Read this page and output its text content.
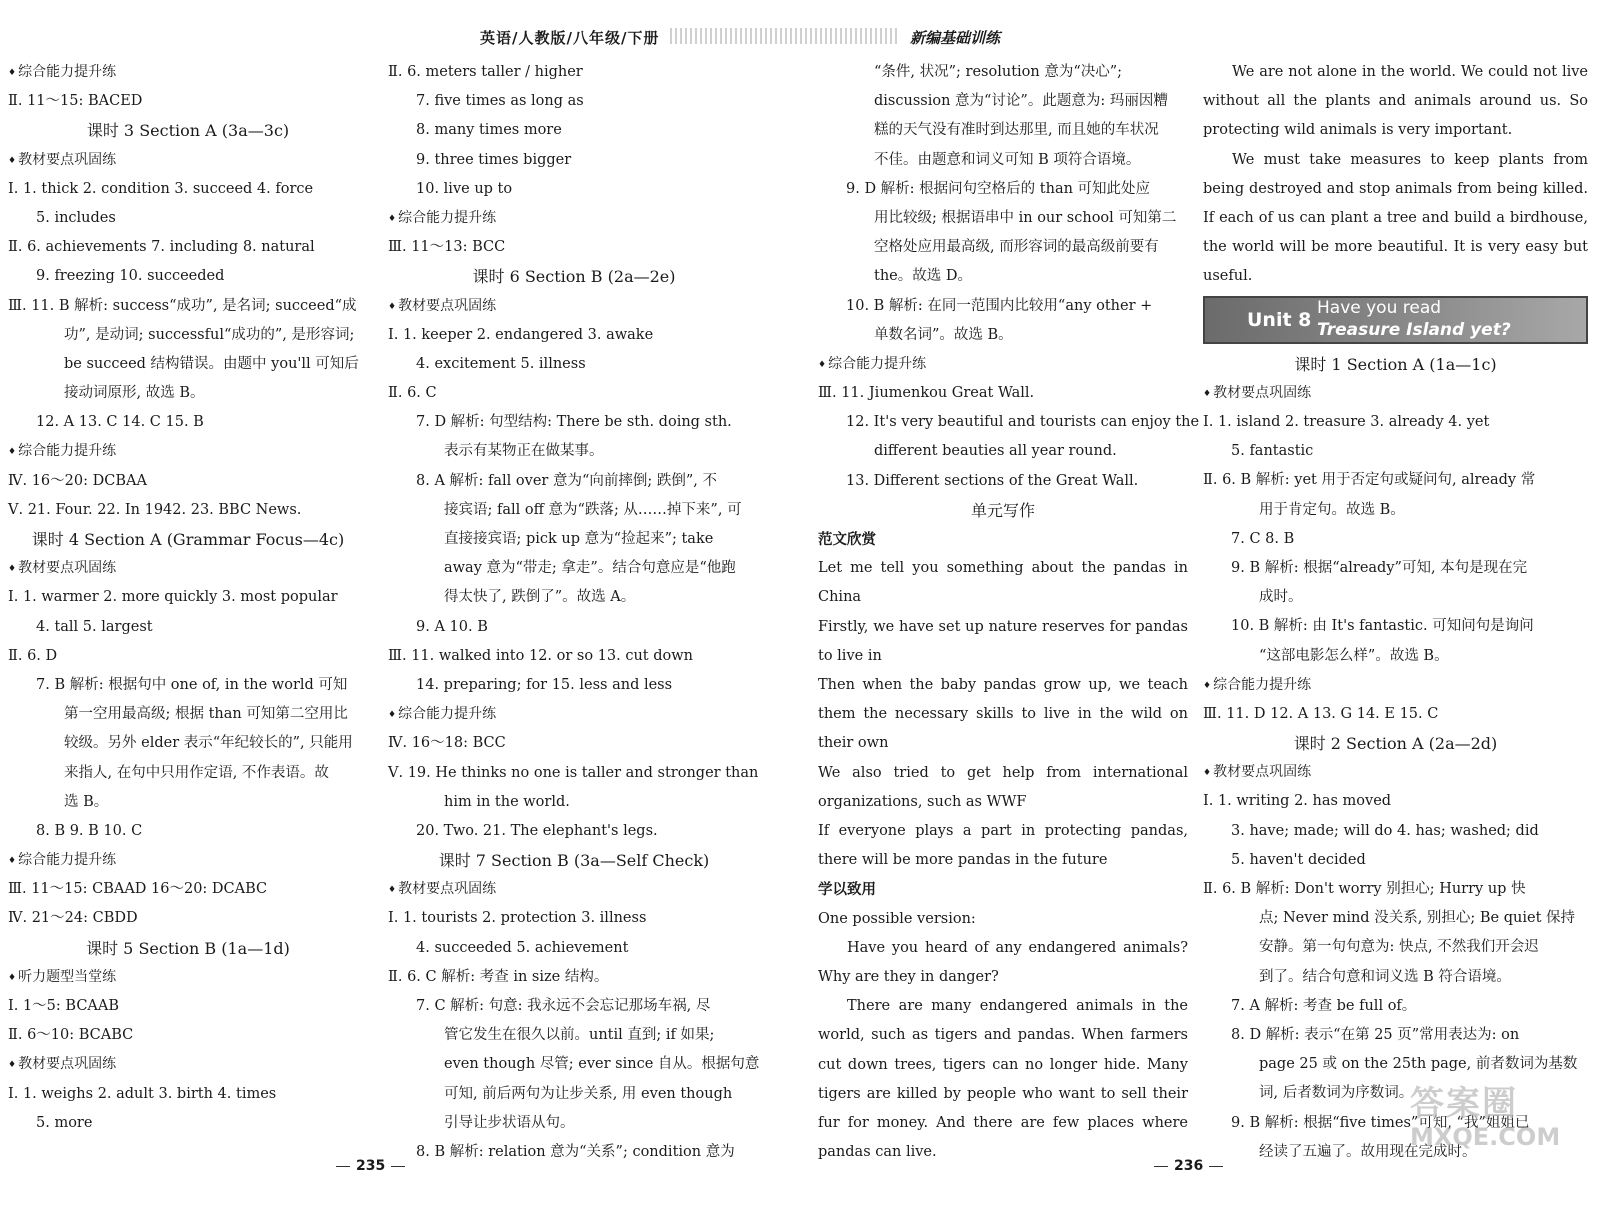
英语/人教版/八年级/下册	新编基础训练
♦ 综合能力提升练
Ⅱ. 11～15: BACED
课时 3 Section A (3a—3c)
♦ 教材要点巩固练
Ⅰ. 1. thick 2. condition 3. succeed 4. force
5. includes
Ⅱ. 6. achievements 7. including 8. natural
9. freezing 10. succeeded
Ⅲ. 11. B 解析: success“成功”, 是名词; succeed“成
功”, 是动词; successful“成功的”, 是形容词;
be succeed 结构错误。由题中 you'll 可知后
接动词原形, 故选 B。
12. A 13. C 14. C 15. B
♦ 综合能力提升练
Ⅳ. 16～20: DCBAA
Ⅴ. 21. Four. 22. In 1942. 23. BBC News.
课时 4 Section A (Grammar Focus—4c)
♦ 教材要点巩固练
Ⅰ. 1. warmer 2. more quickly 3. most popular
4. tall 5. largest
Ⅱ. 6. D
7. B 解析: 根据句中 one of, in the world 可知
第一空用最高级; 根据 than 可知第二空用比
较级。另外 elder 表示“年纪较长的”, 只能用
来指人, 在句中只用作定语, 不作表语。故
选 B。
8. B 9. B 10. C
♦ 综合能力提升练
Ⅲ. 11～15: CBAAD 16～20: DCABC
Ⅳ. 21～24: CBDD
课时 5 Section B (1a—1d)
♦ 听力题型当堂练
Ⅰ. 1～5: BCAAB
Ⅱ. 6～10: BCABC
♦ 教材要点巩固练
Ⅰ. 1. weighs 2. adult 3. birth 4. times
5. more
Ⅱ. 6. meters taller / higher
7. five times as long as
8. many times more
9. three times bigger
10. live up to
♦ 综合能力提升练
Ⅲ. 11～13: BCC
课时 6 Section B (2a—2e)
♦ 教材要点巩固练
Ⅰ. 1. keeper 2. endangered 3. awake
4. excitement 5. illness
Ⅱ. 6. C
7. D 解析: 句型结构: There be sth. doing sth.
表示有某物正在做某事。
8. A 解析: fall over 意为“向前摔倒; 跌倒”, 不
接宾语; fall off 意为“跌落; 从……掉下来”, 可
直接接宾语; pick up 意为“捡起来”; take
away 意为“带走; 拿走”。结合句意应是“他跑
得太快了, 跌倒了”。故选 A。
9. A 10. B
Ⅲ. 11. walked into 12. or so 13. cut down
14. preparing; for 15. less and less
♦ 综合能力提升练
Ⅳ. 16～18: BCC
Ⅴ. 19. He thinks no one is taller and stronger than
him in the world.
20. Two. 21. The elephant's legs.
课时 7 Section B (3a—Self Check)
♦ 教材要点巩固练
Ⅰ. 1. tourists 2. protection 3. illness
4. succeeded 5. achievement
Ⅱ. 6. C 解析: 考查 in size 结构。
7. C 解析: 句意: 我永远不会忘记那场车祸, 尽
管它发生在很久以前。until 直到; if 如果;
even though 尽管; ever since 自从。根据句意
可知, 前后两句为让步关系, 用 even though
引导让步状语从句。
8. B 解析: relation 意为“关系”; condition 意为
“条件, 状况”; resolution 意为“决心”;
discussion 意为“讨论”。此题意为: 玛丽因糟
糕的天气没有准时到达那里, 而且她的车状况
不佳。由题意和词义可知 B 项符合语境。
9. D 解析: 根据问句空格后的 than 可知此处应
用比较级; 根据语串中 in our school 可知第二
空格处应用最高级, 而形容词的最高级前要有
the。故选 D。
10. B 解析: 在同一范围内比较用“any other +
单数名词”。故选 B。
♦ 综合能力提升练
Ⅲ. 11. Jiumenkou Great Wall.
12. It's very beautiful and tourists can enjoy the
different beauties all year round.
13. Different sections of the Great Wall.
单元写作
范文欣赏
Let me tell you something about the pandas in China
Firstly, we have set up nature reserves for pandas to live in
Then when the baby pandas grow up, we teach them the necessary skills to live in the wild on their own
We also tried to get help from international organizations, such as WWF
If everyone plays a part in protecting pandas, there will be more pandas in the future
学以致用
One possible version:
Have you heard of any endangered animals? Why are they in danger?
There are many endangered animals in the world, such as tigers and pandas. When farmers cut down trees, tigers can no longer hide. Many tigers are killed by people who want to sell their fur for money. And there are few places where pandas can live.
We are not alone in the world. We could not live without all the plants and animals around us. So protecting wild animals is very important.
We must take measures to keep plants from being destroyed and stop animals from being killed. If each of us can plant a tree and build a birdhouse, the world will be more beautiful. It is very easy but useful.
Unit 8
Have you read
Treasure Island yet?
课时 1 Section A (1a—1c)
♦ 教材要点巩固练
Ⅰ. 1. island 2. treasure 3. already 4. yet
5. fantastic
Ⅱ. 6. B 解析: yet 用于否定句或疑问句, already 常
用于肯定句。故选 B。
7. C 8. B
9. B 解析: 根据“already”可知, 本句是现在完
成时。
10. B 解析: 由 It's fantastic. 可知问句是询问
“这部电影怎么样”。故选 B。
♦ 综合能力提升练
Ⅲ. 11. D 12. A 13. G 14. E 15. C
课时 2 Section A (2a—2d)
♦ 教材要点巩固练
Ⅰ. 1. writing 2. has moved
3. have; made; will do 4. has; washed; did
5. haven't decided
Ⅱ. 6. B 解析: Don't worry 别担心; Hurry up 快
点; Never mind 没关系, 别担心; Be quiet 保持
安静。第一句句意为: 快点, 不然我们开会迟
到了。结合句意和词义选 B 符合语境。
7. A 解析: 考查 be full of。
8. D 解析: 表示“在第 25 页”常用表达为: on
page 25 或 on the 25th page, 前者数词为基数
词, 后者数词为序数词。
9. B 解析: 根据“five times”可知, “我”姐姐已
经读了五遍了。故用现在完成时。
235	236
答案圈
MXQE.COM
